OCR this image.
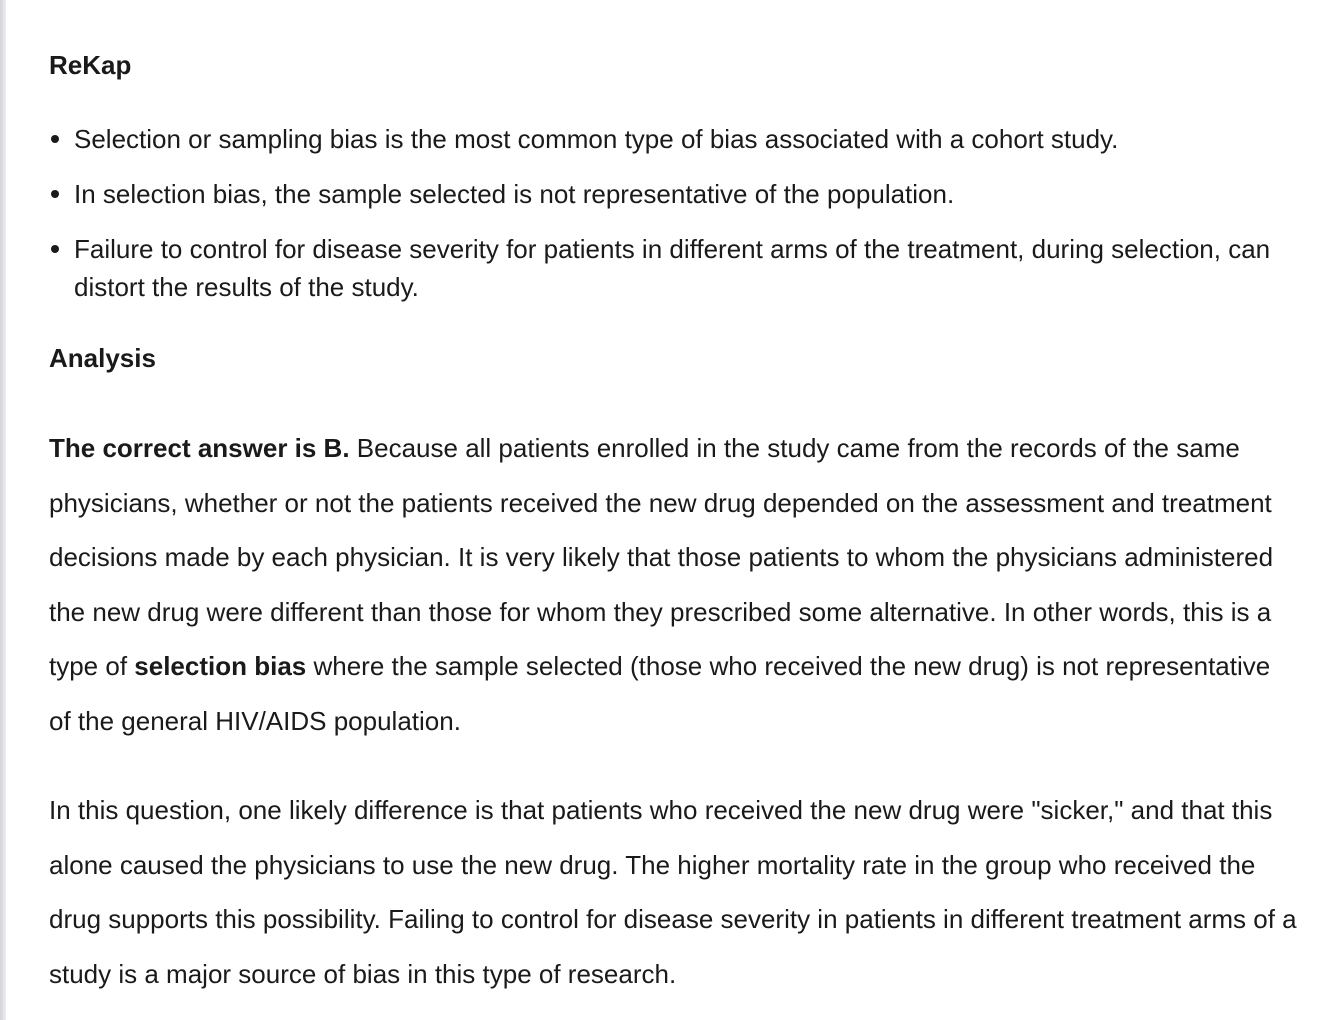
ReKap
Selection or sampling bias is the most common type of bias associated with a cohort study.
In selection bias, the sample selected is not representative of the population.
Failure to control for disease severity for patients in different arms of the treatment, during selection, can distort the results of the study.
Analysis

The correct answer is B. Because all patients enrolled in the study came from the records of the same physicians, whether or not the patients received the new drug depended on the assessment and treatment decisions made by each physician. It is very likely that those patients to whom the physicians administered the new drug were different than those for whom they prescribed some alternative. In other words, this is a type of selection bias where the sample selected (those who received the new drug) is not representative of the general HIV/AIDS population.

In this question, one likely difference is that patients who received the new drug were "sicker," and that this alone caused the physicians to use the new drug. The higher mortality rate in the group who received the drug supports this possibility. Failing to control for disease severity in patients in different treatment arms of a study is a major source of bias in this type of research.
